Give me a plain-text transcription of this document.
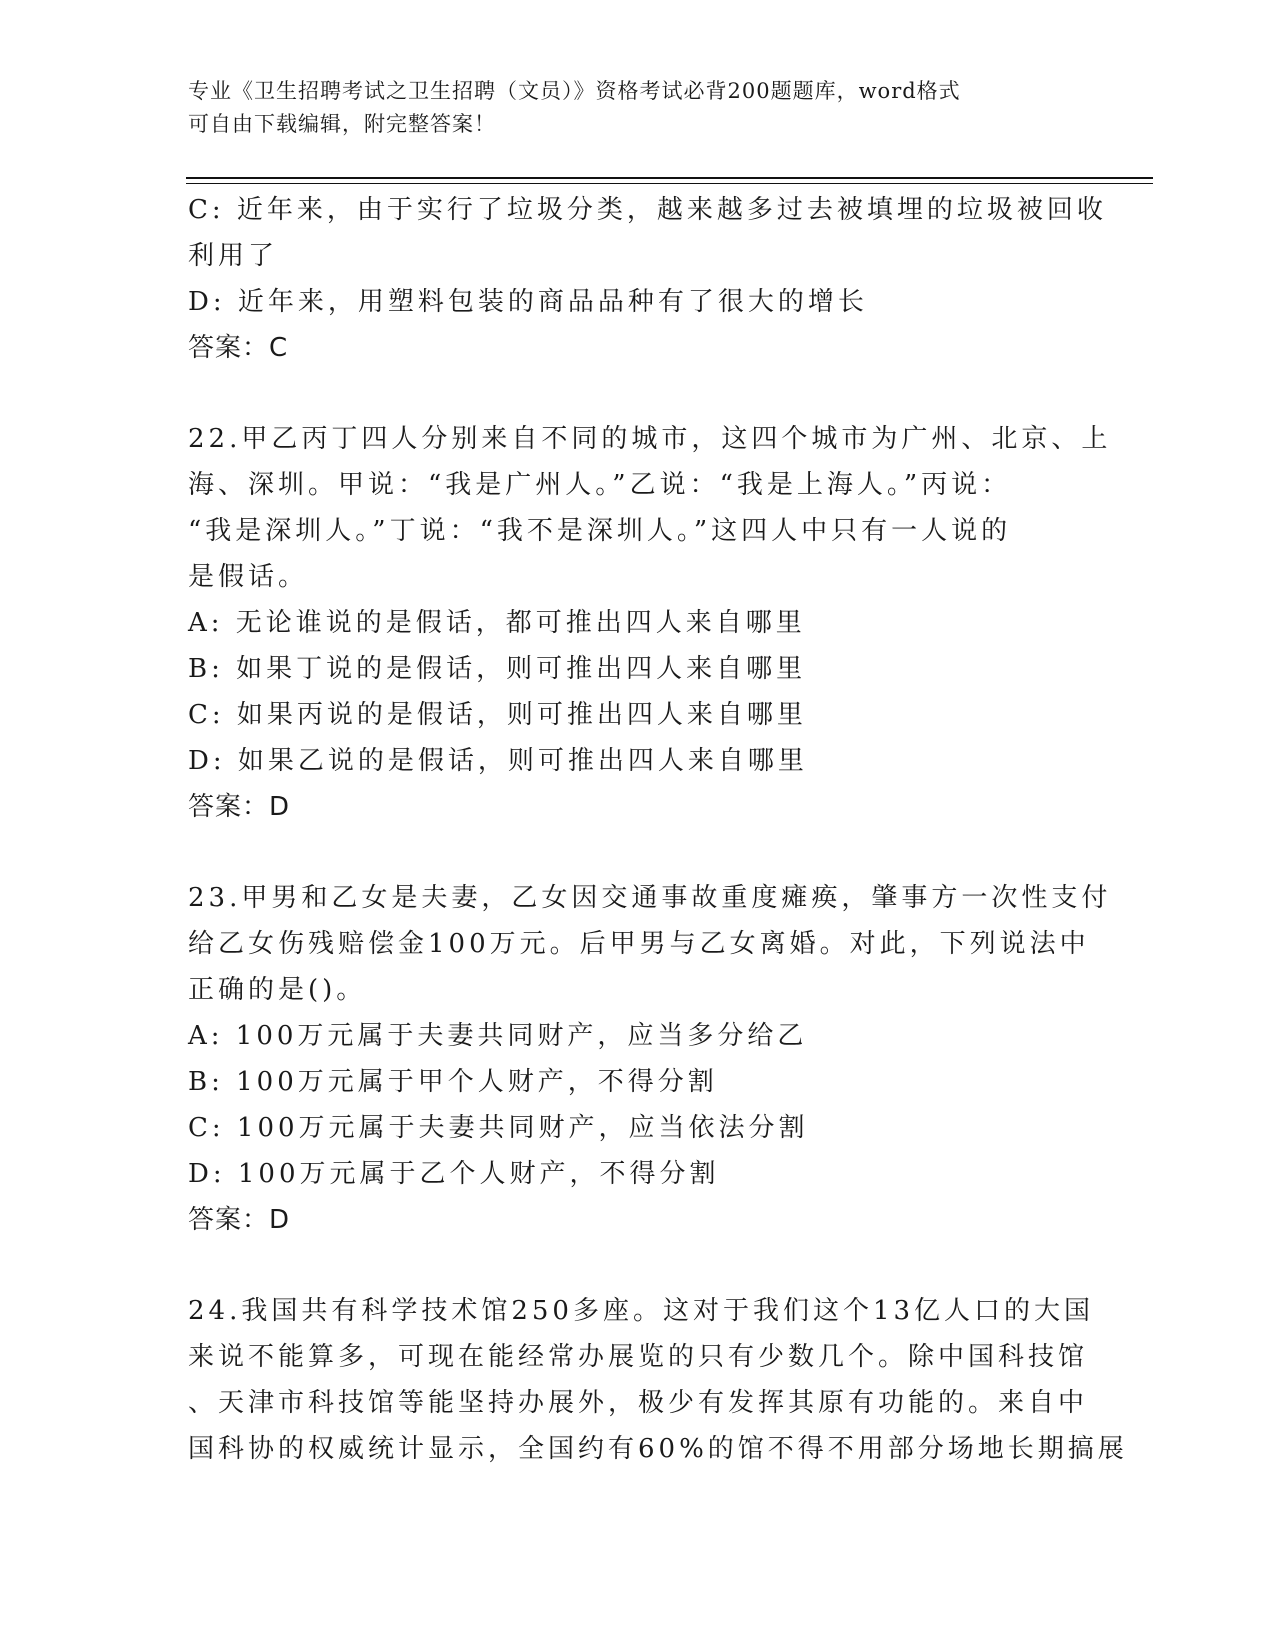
专业《卫生招聘考试之卫生招聘（文员）》资格考试必背200题题库，word格式
可自由下载编辑，附完整答案！
C: 近年来，由于实行了垃圾分类，越来越多过去被填埋的垃圾被回收
利用了
D: 近年来，用塑料包装的商品品种有了很大的增长
答案：C
22.甲乙丙丁四人分别来自不同的城市，这四个城市为广州、北京、上
海、深圳。甲说：“我是广州人。”乙说：“我是上海人。”丙说：
“我是深圳人。”丁说：“我不是深圳人。”这四人中只有一人说的
是假话。
A: 无论谁说的是假话，都可推出四人来自哪里
B: 如果丁说的是假话，则可推出四人来自哪里
C: 如果丙说的是假话，则可推出四人来自哪里
D: 如果乙说的是假话，则可推出四人来自哪里
答案：D
23.甲男和乙女是夫妻，乙女因交通事故重度瘫痪，肇事方一次性支付
给乙女伤残赔偿金100万元。后甲男与乙女离婚。对此，下列说法中
正确的是()。
A: 100万元属于夫妻共同财产，应当多分给乙
B: 100万元属于甲个人财产，不得分割
C: 100万元属于夫妻共同财产，应当依法分割
D: 100万元属于乙个人财产，不得分割
答案：D
24.我国共有科学技术馆250多座。这对于我们这个13亿人口的大国
来说不能算多，可现在能经常办展览的只有少数几个。除中国科技馆
、天津市科技馆等能坚持办展外，极少有发挥其原有功能的。来自中
国科协的权威统计显示，全国约有60%的馆不得不用部分场地长期搞展
